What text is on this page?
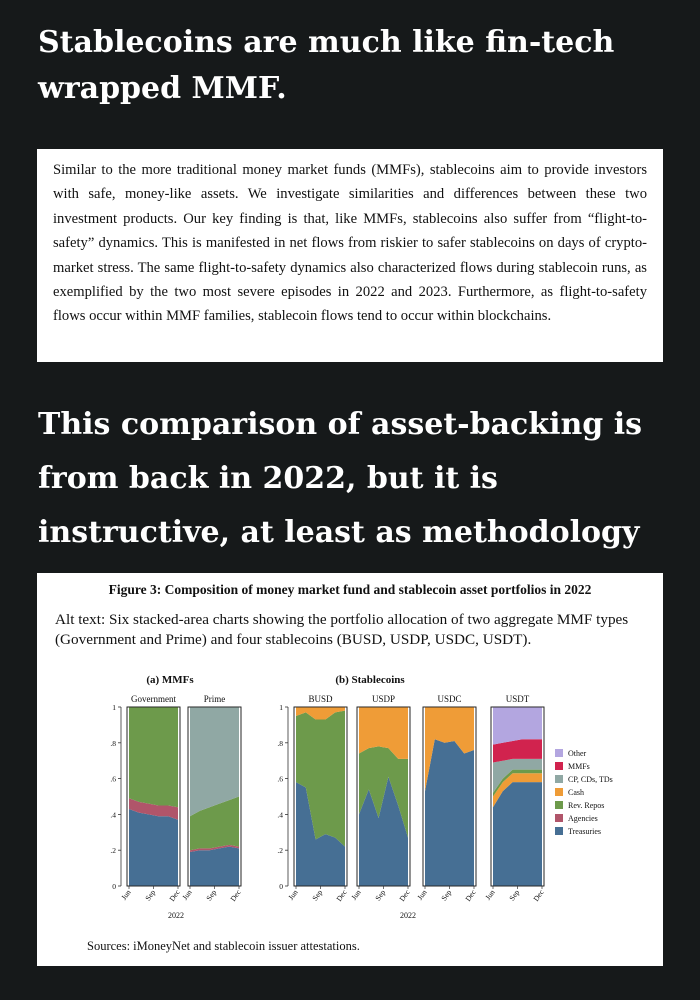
Stablecoins are much like fin-tech wrapped MMF.

Similar to the more traditional money market funds (MMFs), stablecoins aim to provide investors with safe, money-like assets. We investigate similarities and differences between these two investment products. Our key finding is that, like MMFs, stablecoins also suffer from “flight-to-safety” dynamics. This is manifested in net flows from riskier to safer stablecoins on days of crypto-market stress. The same flight-to-safety dynamics also characterized flows during stablecoin runs, as exemplified by the two most severe episodes in 2022 and 2023. Furthermore, as flight-to-safety flows occur within MMF families, stablecoin flows tend to occur within blockchains.

This comparison of asset-backing is from back in 2022, but it is instructive, at least as methodology
(a) MMFs	(b) Stablecoins
0
.2
.4
.6
.8
1
0
.2
.4
.6
.8
1
Government
Jun Sep Dec
Prime
Jun Sep Dec
BUSD
Jun Sep Dec
USDP
Jun Sep Dec
USDC
Jun Sep Dec
USDT
Jun Sep Dec
2022	2022
Other
MMFs
CP, CDs, TDs
Cash
Rev. Repos
Agencies
Treasuries
Figure 3: Composition of money market fund and stablecoin asset portfolios in 2022
Alt text: Six stacked-area charts showing the portfolio allocation of two aggregate MMF types
(Government and Prime) and four stablecoins (BUSD, USDP, USDC, USDT).
Sources: iMoneyNet and stablecoin issuer attestations.
